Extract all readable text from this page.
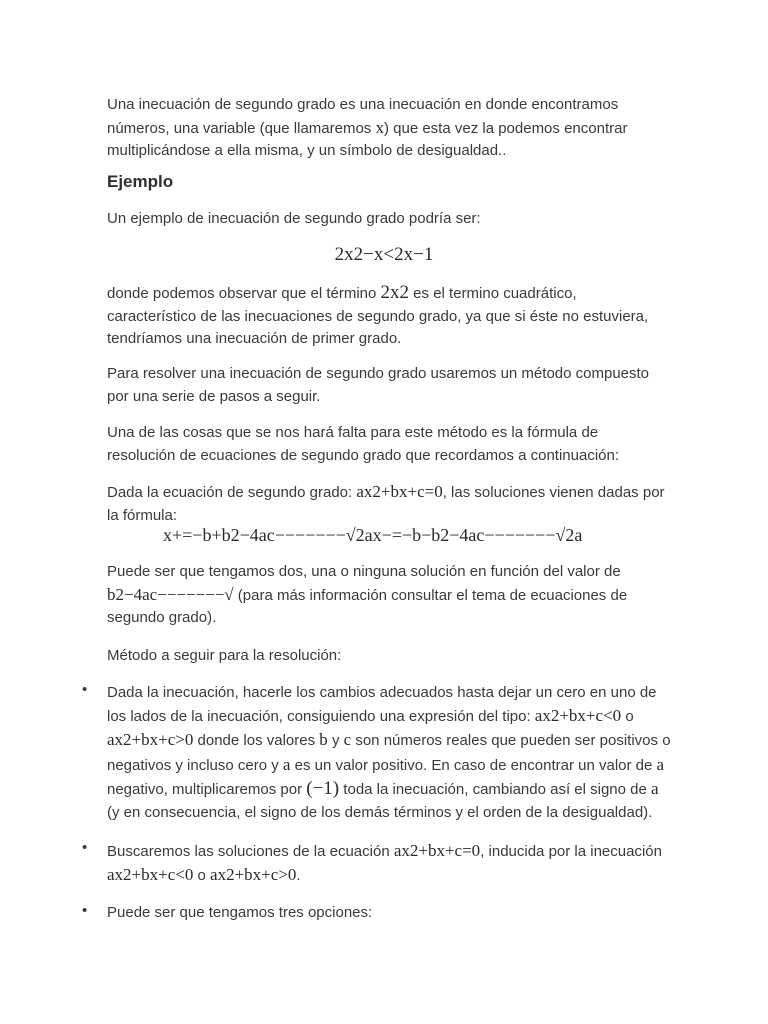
Una inecuación de segundo grado es una inecuación en donde encontramos números, una variable (que llamaremos x) que esta vez la podemos encontrar multiplicándose a ella misma, y un símbolo de desigualdad..
Ejemplo
Un ejemplo de inecuación de segundo grado podría ser:
2x2−x<2x−1
donde podemos observar que el término 2x2 es el termino cuadrático, característico de las inecuaciones de segundo grado, ya que si éste no estuviera, tendríamos una inecuación de primer grado.
Para resolver una inecuación de segundo grado usaremos un método compuesto por una serie de pasos a seguir.
Una de las cosas que se nos hará falta para este método es la fórmula de resolución de ecuaciones de segundo grado que recordamos a continuación:
Dada la ecuación de segundo grado: ax2+bx+c=0, las soluciones vienen dadas por la fórmula:
x+=−b+b2−4ac−−−−−−−√2ax−=−b−b2−4ac−−−−−−−√2a
Puede ser que tengamos dos, una o ninguna solución en función del valor de b2−4ac−−−−−−−√ (para más información consultar el tema de ecuaciones de segundo grado).
Método a seguir para la resolución:
• Dada la inecuación, hacerle los cambios adecuados hasta dejar un cero en uno de los lados de la inecuación, consiguiendo una expresión del tipo: ax2+bx+c<0 o ax2+bx+c>0 donde los valores b y c son números reales que pueden ser positivos o negativos y incluso cero y a es un valor positivo. En caso de encontrar un valor de a negativo, multiplicaremos por (−1) toda la inecuación, cambiando así el signo de a (y en consecuencia, el signo de los demás términos y el orden de la desigualdad).
• Buscaremos las soluciones de la ecuación ax2+bx+c=0, inducida por la inecuación ax2+bx+c<0 o ax2+bx+c>0.
• Puede ser que tengamos tres opciones:
